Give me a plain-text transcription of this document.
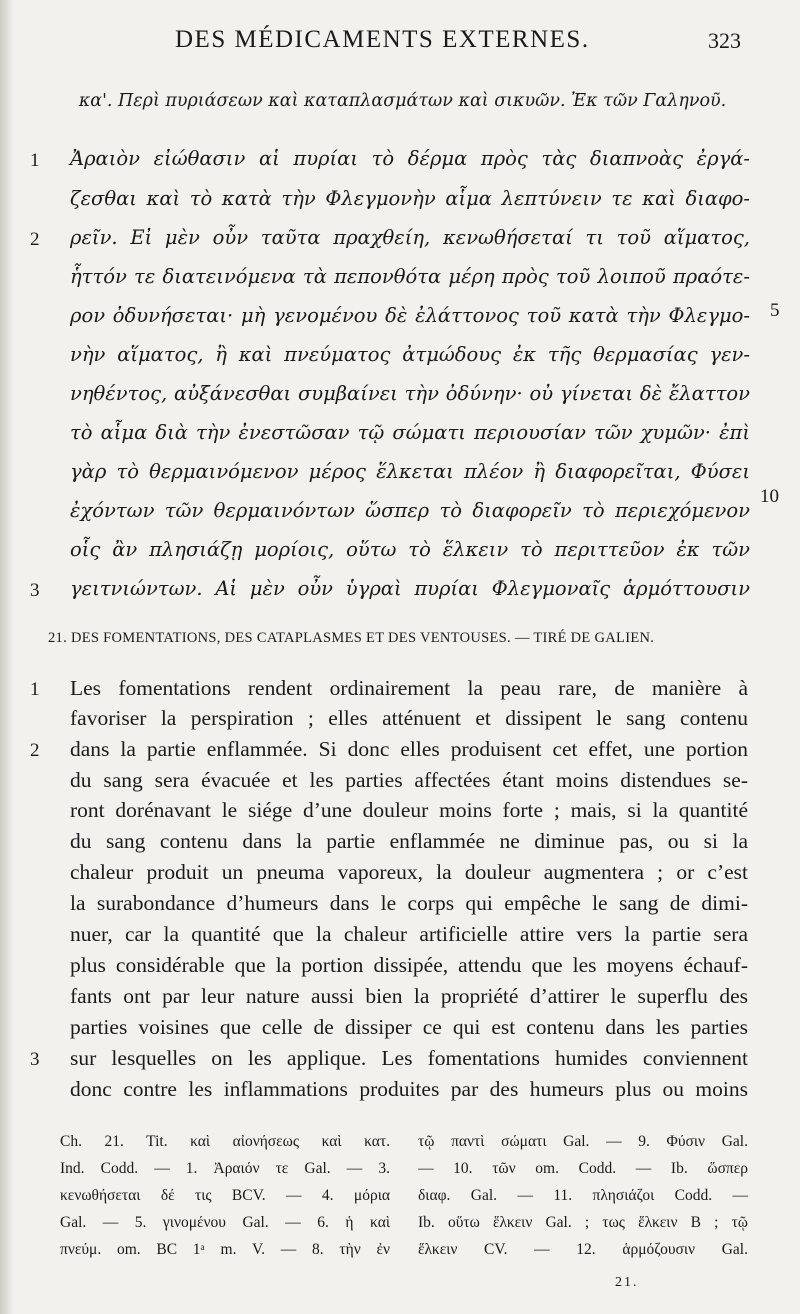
DES MÉDICAMENTS EXTERNES.	323
κα'. Περὶ πυριάσεων καὶ καταπλασμάτων καὶ σικυῶν. Ἐκ τῶν Γαληνοῦ.
Ἀραιὸν εἰώθασιν αἱ πυρίαι τὸ δέρμα πρὸς τὰς διαπνοὰς ἐργά-
ζεσθαι καὶ τὸ κατὰ τὴν Φλεγμονὴν αἷμα λεπτύνειν τε καὶ διαφο-
ρεῖν. Εἰ μὲν οὖν ταῦτα πραχθείη, κενωθήσεταί τι τοῦ αἵματος,
ἧττόν τε διατεινόμενα τὰ πεπονθότα μέρη πρὸς τοῦ λοιποῦ πραότε-
ρον ὀδυνήσεται· μὴ γενομένου δὲ ἐλάττονος τοῦ κατὰ τὴν Φλεγμο-
νὴν αἵματος, ἢ καὶ πνεύματος ἀτμώδους ἐκ τῆς θερμασίας γεν-
νηθέντος, αὐξάνεσθαι συμβαίνει τὴν ὀδύνην· οὐ γίνεται δὲ ἔλαττον
τὸ αἷμα διὰ τὴν ἐνεστῶσαν τῷ σώματι περιουσίαν τῶν χυμῶν· ἐπὶ
γὰρ τὸ θερμαινόμενον μέρος ἕλκεται πλέον ἢ διαφορεῖται, Φύσει
ἐχόντων τῶν θερμαινόντων ὥσπερ τὸ διαφορεῖν τὸ περιεχόμενον
οἷς ἂν πλησιάζῃ μορίοις, οὕτω τὸ ἕλκειν τὸ περιττεῦον ἐκ τῶν
γειτνιώντων. Αἱ μὲν οὖν ὑγραὶ πυρίαι Φλεγμοναῖς ἁρμόττουσιν
1
2
3
5
10
21. DES FOMENTATIONS, DES CATAPLASMES ET DES VENTOUSES. — TIRÉ DE GALIEN.
Les fomentations rendent ordinairement la peau rare, de manière à
favoriser la perspiration ; elles atténuent et dissipent le sang contenu
dans la partie enflammée. Si donc elles produisent cet effet, une portion
du sang sera évacuée et les parties affectées étant moins distendues se-
ront dorénavant le siége d’une douleur moins forte ; mais, si la quantité
du sang contenu dans la partie enflammée ne diminue pas, ou si la
chaleur produit un pneuma vaporeux, la douleur augmentera ; or c’est
la surabondance d’humeurs dans le corps qui empêche le sang de dimi-
nuer, car la quantité que la chaleur artificielle attire vers la partie sera
plus considérable que la portion dissipée, attendu que les moyens échauf-
fants ont par leur nature aussi bien la propriété d’attirer le superflu des
parties voisines que celle de dissiper ce qui est contenu dans les parties
sur lesquelles on les applique. Les fomentations humides conviennent
donc contre les inflammations produites par des humeurs plus ou moins
1
2
3
Ch. 21. Tit. καὶ αἰονήσεως καὶ κατ.
Ind. Codd. — 1. Ἀραιόν τε Gal. — 3.
κενωθήσεται δέ τις BCV. — 4. μόρια
Gal. — 5. γινομένου Gal. — 6. ἡ καὶ
πνεύμ. om. BC 1ᵃ m. V. — 8. τὴν ἐν
τῷ παντὶ σώματι Gal. — 9. Φύσιν Gal.
— 10. τῶν om. Codd. — Ib. ὥσπερ
διαφ. Gal. — 11. πλησιάζοι Codd. —
Ib. οὕτω ἕλκειν Gal. ; τως ἕλκειν B ; τῷ
ἕλκειν CV. — 12. ἁρμόζουσιν Gal.
21.
